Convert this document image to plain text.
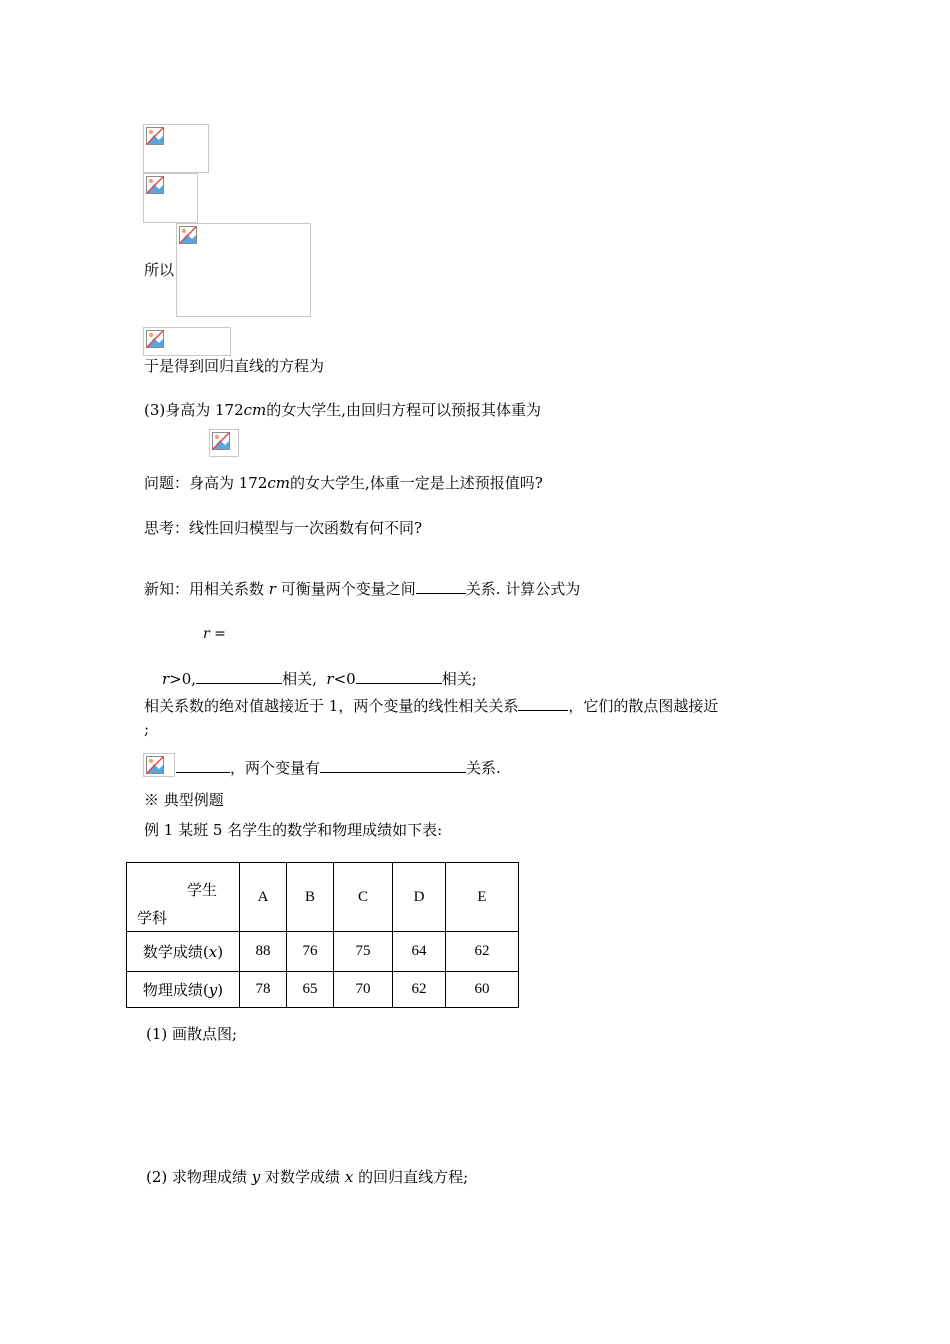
所以
于是得到回归直线的方程为
(3)身高为 172cm的女大学生,由回归方程可以预报其体重为
问题：身高为 172cm的女大学生,体重一定是上述预报值吗?
思考：线性回归模型与一次函数有何不同?
新知：用相关系数 r 可衡量两个变量之间	关系. 计算公式为
r =
r>0,	相关, r<0	相关;
相关系数的绝对值越接近于 1，两个变量的线性相关关系	，它们的散点图越接近
;
，两个变量有	关系.
※ 典型例题
例 1 某班 5 名学生的数学和物理成绩如下表:
学生
学科	A	B	C	D	E
数学成绩(x)	88	76	75	64	62
物理成绩(y)	78	65	70	62	60
(1) 画散点图;
(2) 求物理成绩 y 对数学成绩 x 的回归直线方程;
